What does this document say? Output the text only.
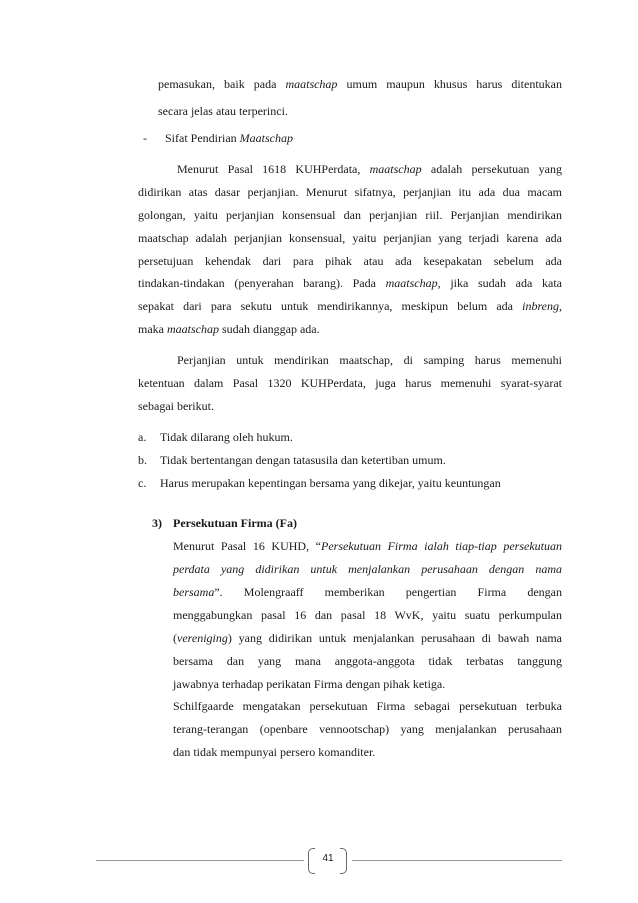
pemasukan, baik pada maatschap umum maupun khusus harus ditentukan
secara jelas atau terperinci.
- Sifat Pendirian Maatschap
Menurut Pasal 1618 KUHPerdata, maatschap adalah persekutuan yang
didirikan atas dasar perjanjian. Menurut sifatnya, perjanjian itu ada dua macam
golongan, yaitu perjanjian konsensual dan perjanjian riil. Perjanjian mendirikan
maatschap adalah perjanjian konsensual, yaitu perjanjian yang terjadi karena ada
persetujuan kehendak dari para pihak atau ada kesepakatan sebelum ada
tindakan-tindakan (penyerahan barang). Pada maatschap, jika sudah ada kata
sepakat dari para sekutu untuk mendirikannya, meskipun belum ada inbreng,
maka maatschap sudah dianggap ada.
Perjanjian untuk mendirikan maatschap, di samping harus memenuhi
ketentuan dalam Pasal 1320 KUHPerdata, juga harus memenuhi syarat-syarat
sebagai berikut.
a. Tidak dilarang oleh hukum.
b. Tidak bertentangan dengan tatasusila dan ketertiban umum.
c. Harus merupakan kepentingan bersama yang dikejar, yaitu keuntungan
3) Persekutuan Firma (Fa)
Menurut Pasal 16 KUHD, “Persekutuan Firma ialah tiap-tiap persekutuan
perdata yang didirikan untuk menjalankan perusahaan dengan nama
bersama”. Molengraaff memberikan pengertian Firma dengan
menggabungkan pasal 16 dan pasal 18 WvK, yaitu suatu perkumpulan
(vereniging) yang didirikan untuk menjalankan perusahaan di bawah nama
bersama dan yang mana anggota-anggota tidak terbatas tanggung
jawabnya terhadap perikatan Firma dengan pihak ketiga.
Schilfgaarde mengatakan persekutuan Firma sebagai persekutuan terbuka
terang-terangan (openbare vennootschap) yang menjalankan perusahaan
dan tidak mempunyai persero komanditer.
41
